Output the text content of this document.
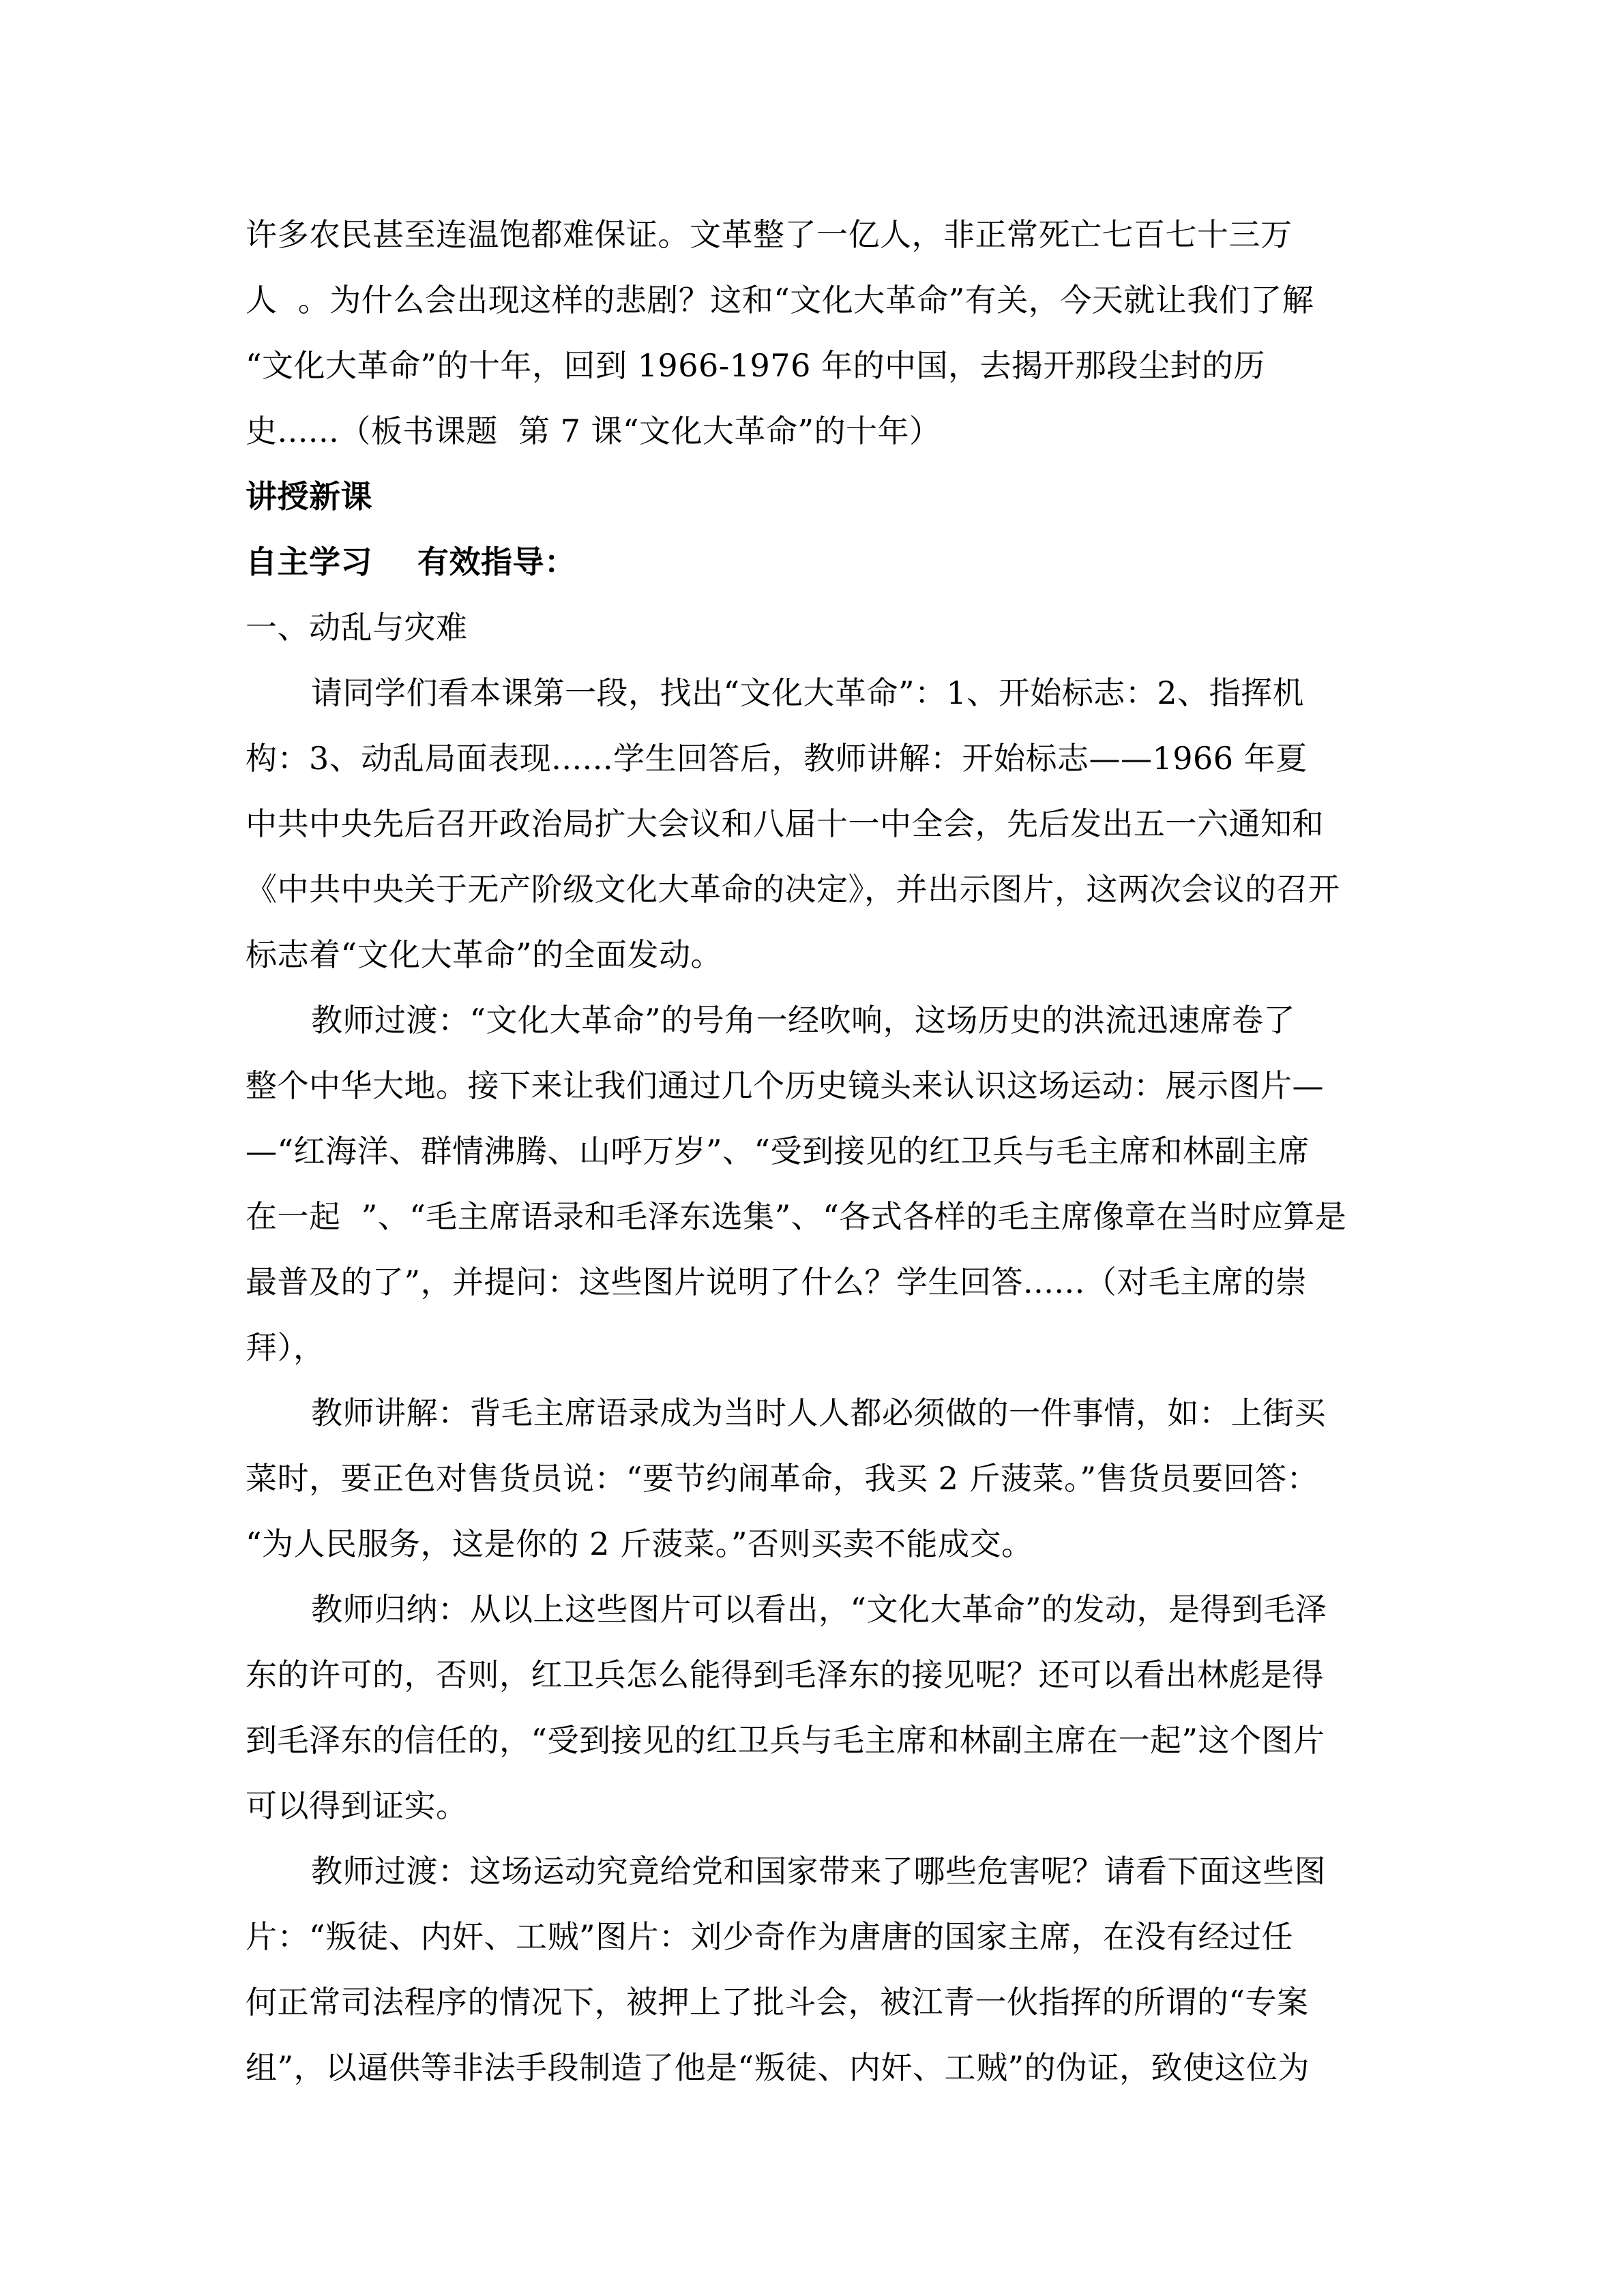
许多农民甚至连温饱都难保证。文革整了一亿人，非正常死亡七百七十三万
人  。为什么会出现这样的悲剧？这和“文化大革命”有关，今天就让我们了解
“文化大革命”的十年，回到 1966-1976 年的中国，去揭开那段尘封的历
史......（板书课题  第 7 课“文化大革命”的十年）
讲授新课
自主学习    有效指导：
一、动乱与灾难
请同学们看本课第一段，找出“文化大革命”：1、开始标志：2、指挥机
构：3、动乱局面表现......学生回答后，教师讲解：开始标志——1966 年夏
中共中央先后召开政治局扩大会议和八届十一中全会，先后发出五一六通知和
《中共中央关于无产阶级文化大革命的决定》，并出示图片，这两次会议的召开
标志着“文化大革命”的全面发动。
教师过渡：“文化大革命”的号角一经吹响，这场历史的洪流迅速席卷了
整个中华大地。接下来让我们通过几个历史镜头来认识这场运动：展示图片—
—“红海洋、群情沸腾、山呼万岁”、“受到接见的红卫兵与毛主席和林副主席
在一起  ”、“毛主席语录和毛泽东选集”、“各式各样的毛主席像章在当时应算是
最普及的了”，并提问：这些图片说明了什么？学生回答......（对毛主席的崇
拜），
教师讲解：背毛主席语录成为当时人人都必须做的一件事情，如：上街买
菜时，要正色对售货员说：“要节约闹革命，我买 2 斤菠菜。”售货员要回答：
“为人民服务，这是你的 2 斤菠菜。”否则买卖不能成交。
教师归纳：从以上这些图片可以看出，“文化大革命”的发动，是得到毛泽
东的许可的，否则，红卫兵怎么能得到毛泽东的接见呢？还可以看出林彪是得
到毛泽东的信任的，“受到接见的红卫兵与毛主席和林副主席在一起”这个图片
可以得到证实。
教师过渡：这场运动究竟给党和国家带来了哪些危害呢？请看下面这些图
片：“叛徒、内奸、工贼”图片：刘少奇作为唐唐的国家主席，在没有经过任
何正常司法程序的情况下，被押上了批斗会，被江青一伙指挥的所谓的“专案
组”，以逼供等非法手段制造了他是“叛徒、内奸、工贼”的伪证，致使这位为
